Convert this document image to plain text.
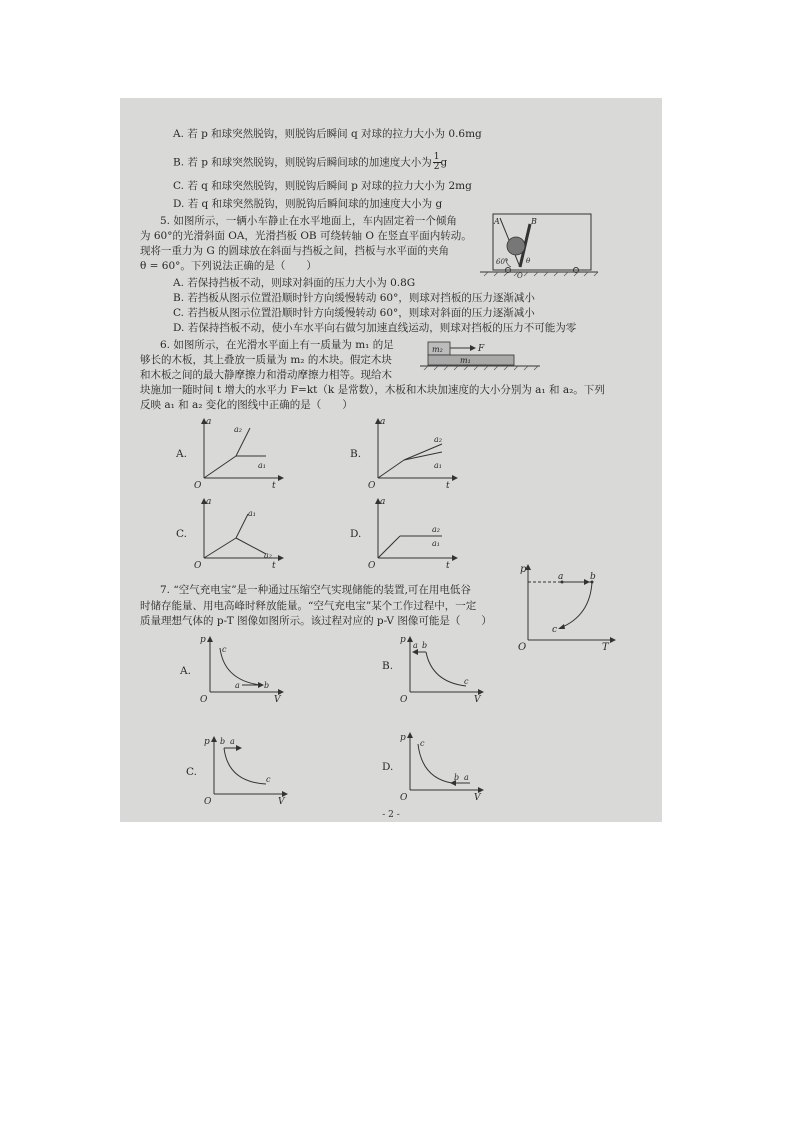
A. 若 p 和球突然脱钩，则脱钩后瞬间 q 对球的拉力大小为 0.6mg
B. 若 p 和球突然脱钩，则脱钩后瞬间球的加速度大小为 $\frac{1}{2}$ g
C. 若 q 和球突然脱钩，则脱钩后瞬间 p 对球的拉力大小为 2mg
D. 若 q 和球突然脱钩，则脱钩后瞬间球的加速度大小为 g
5. 如图所示，一辆小车静止在水平地面上，车内固定着一个倾角
为 60°的光滑斜面 OA，光滑挡板 OB 可绕转轴 O 在竖直平面内转动。
现将一重力为 G 的圆球放在斜面与挡板之间，挡板与水平面的夹角
θ = 60°。下列说法正确的是（　　）
A. 若保持挡板不动，则球对斜面的压力大小为 0.8G
B. 若挡板从图示位置沿顺时针方向缓慢转动 60°，则球对挡板的压力逐渐减小
C. 若挡板从图示位置沿顺时针方向缓慢转动 60°，则球对斜面的压力逐渐减小
D. 若保持挡板不动，使小车水平向右做匀加速直线运动，则球对挡板的压力不可能为零
A	B
60°	θ
O
6. 如图所示，在光滑水平面上有一质量为 m₁ 的足
够长的木板，其上叠放一质量为 m₂ 的木块。假定木块
和木板之间的最大静摩擦力和滑动摩擦力相等。现给木
块施加一随时间 t 增大的水平力 F=kt（k 是常数），木板和木块加速度的大小分别为 a₁ 和 a₂。下列
反映 a₁ 和 a₂ 变化的图线中正确的是（　　）
m₂
m₁
F
A.
a
t
O
a₂
a₁
B.
a
t
O
a₂
a₁
C.
a
t
O
a₁
a₂
D.
a
t
O
a₂
a₁
7. “空气充电宝”是一种通过压缩空气实现储能的装置,可在用电低谷
时储存能量、用电高峰时释放能量。“空气充电宝”某个工作过程中，一定
质量理想气体的 p-T 图像如图所示。该过程对应的 p-V 图像可能是（　　）
p
T
O
a	b
c
A.
p
V
O
c
a	b
B.
p
V
O
a b
c
C.
p
V
O
b a
c
D.
p
V
O
c
b a
- 2 -
